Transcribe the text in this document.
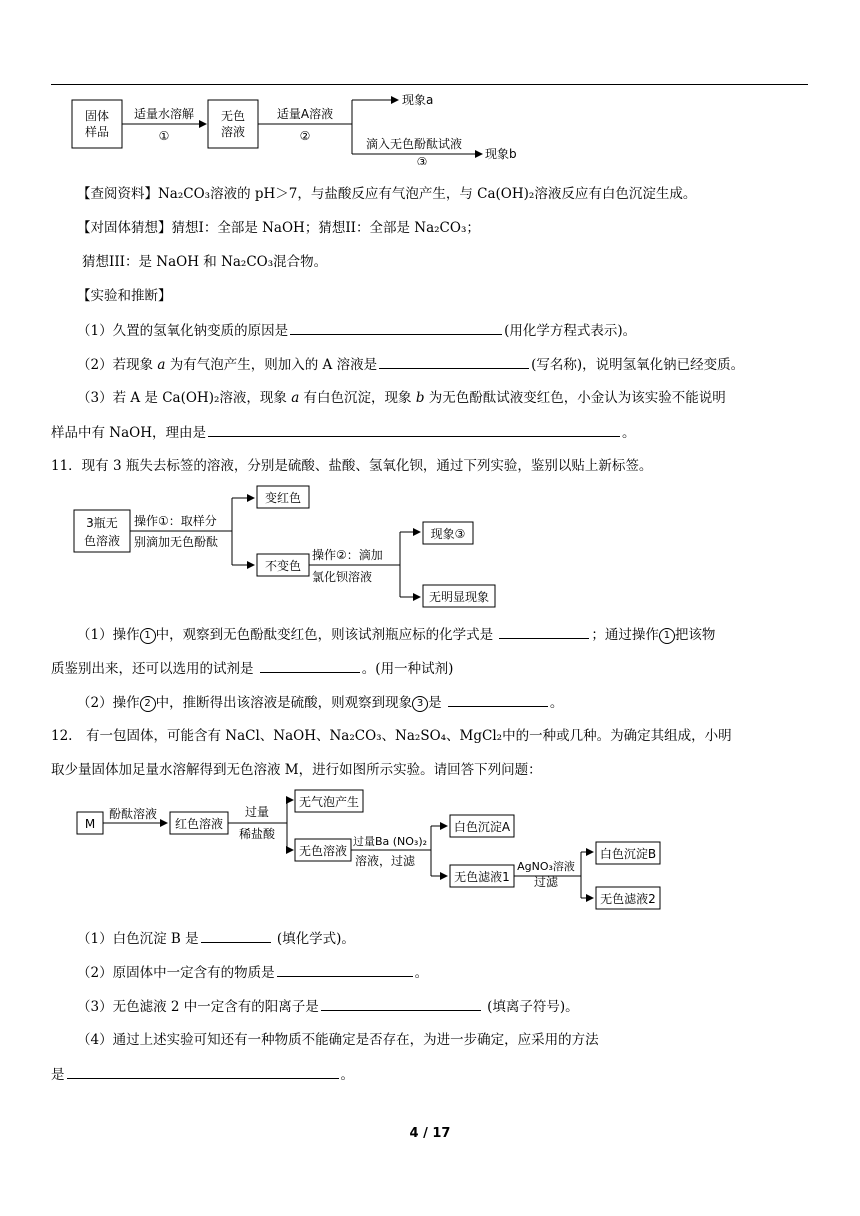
固体
样品
适量水溶解
①
无色
溶液
适量A溶液
②
现象a
滴入无色酚酞试液
③
现象b
【查阅资料】Na₂CO₃溶液的 pH＞7，与盐酸反应有气泡产生，与 Ca(OH)₂溶液反应有白色沉淀生成。
【对固体猜想】猜想I：全部是 NaOH；猜想II：全部是 Na₂CO₃；
猜想III：是 NaOH 和 Na₂CO₃混合物。
【实验和推断】
（1）久置的氢氧化钠变质的原因是	(用化学方程式表示)。
（2）若现象 a 为有气泡产生，则加入的 A 溶液是	(写名称)，说明氢氧化钠已经变质。
（3）若 A 是 Ca(OH)₂溶液，现象 a 有白色沉淀，现象 b 为无色酚酞试液变红色，小金认为该实验不能说明
样品中有 NaOH，理由是	。
11．现有 3 瓶失去标签的溶液，分别是硫酸、盐酸、氢氧化钡，通过下列实验，鉴别以贴上新标签。
3瓶无
色溶液
操作①：取样分
别滴加无色酚酞
变红色
不变色
操作②：滴加
氯化钡溶液
现象③
无明显现象
（1）操作 1 中，观察到无色酚酞变红色，则该试剂瓶应标的化学式是	；通过操作 1 把该物
质鉴别出来，还可以选用的试剂是	。(用一种试剂)
（2）操作 2 中，推断得出该溶液是硫酸，则观察到现象 3 是	。
12.　有一包固体，可能含有 NaCl、NaOH、Na₂CO₃、Na₂SO₄、MgCl₂中的一种或几种。为确定其组成，小明
取少量固体加足量水溶解得到无色溶液 M，进行如图所示实验。请回答下列问题：
M
酚酞溶液
红色溶液
过量
稀盐酸
无气泡产生
无色溶液
过量Ba (NO₃)₂
溶液，过滤
白色沉淀A
无色滤液1
AgNO₃溶液
过滤
白色沉淀B
无色滤液2
（1）白色沉淀 B 是	(填化学式)。
（2）原固体中一定含有的物质是	。
（3）无色滤液 2 中一定含有的阳离子是	(填离子符号)。
（4）通过上述实验可知还有一种物质不能确定是否存在，为进一步确定，应采用的方法
是	。
4 / 17
